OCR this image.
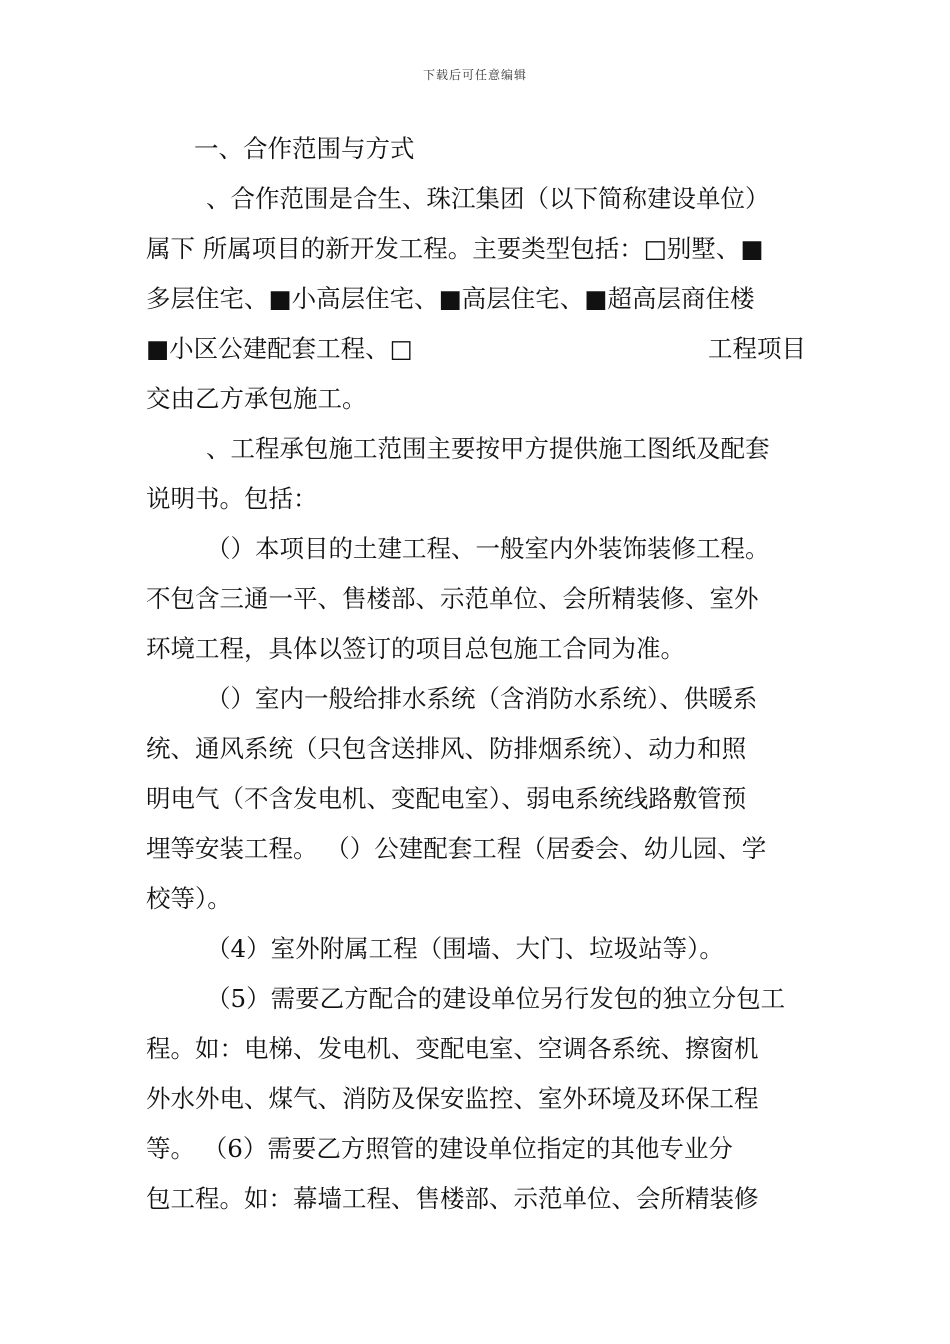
下载后可任意编辑
一、合作范围与方式
、合作范围是合生、珠江集团（以下简称建设单位）
属下 所属项目的新开发工程。主要类型包括：□别墅、■
多层住宅、■小高层住宅、■高层住宅、■超高层商住楼
■小区公建配套工程、□	工程项目
交由乙方承包施工。
、工程承包施工范围主要按甲方提供施工图纸及配套
说明书。包括：
（）本项目的土建工程、一般室内外装饰装修工程。
不包含三通一平、售楼部、示范单位、会所精装修、室外
环境工程，具体以签订的项目总包施工合同为准。
（）室内一般给排水系统（含消防水系统）、供暖系
统、通风系统（只包含送排风、防排烟系统）、动力和照
明电气（不含发电机、变配电室）、弱电系统线路敷管预
埋等安装工程。 （）公建配套工程（居委会、幼儿园、学
校等）。
（4）室外附属工程（围墙、大门、垃圾站等）。
（5）需要乙方配合的建设单位另行发包的独立分包工
程。如：电梯、发电机、变配电室、空调各系统、擦窗机
外水外电、煤气、消防及保安监控、室外环境及环保工程
等。 （6）需要乙方照管的建设单位指定的其他专业分
包工程。如：幕墙工程、售楼部、示范单位、会所精装修
